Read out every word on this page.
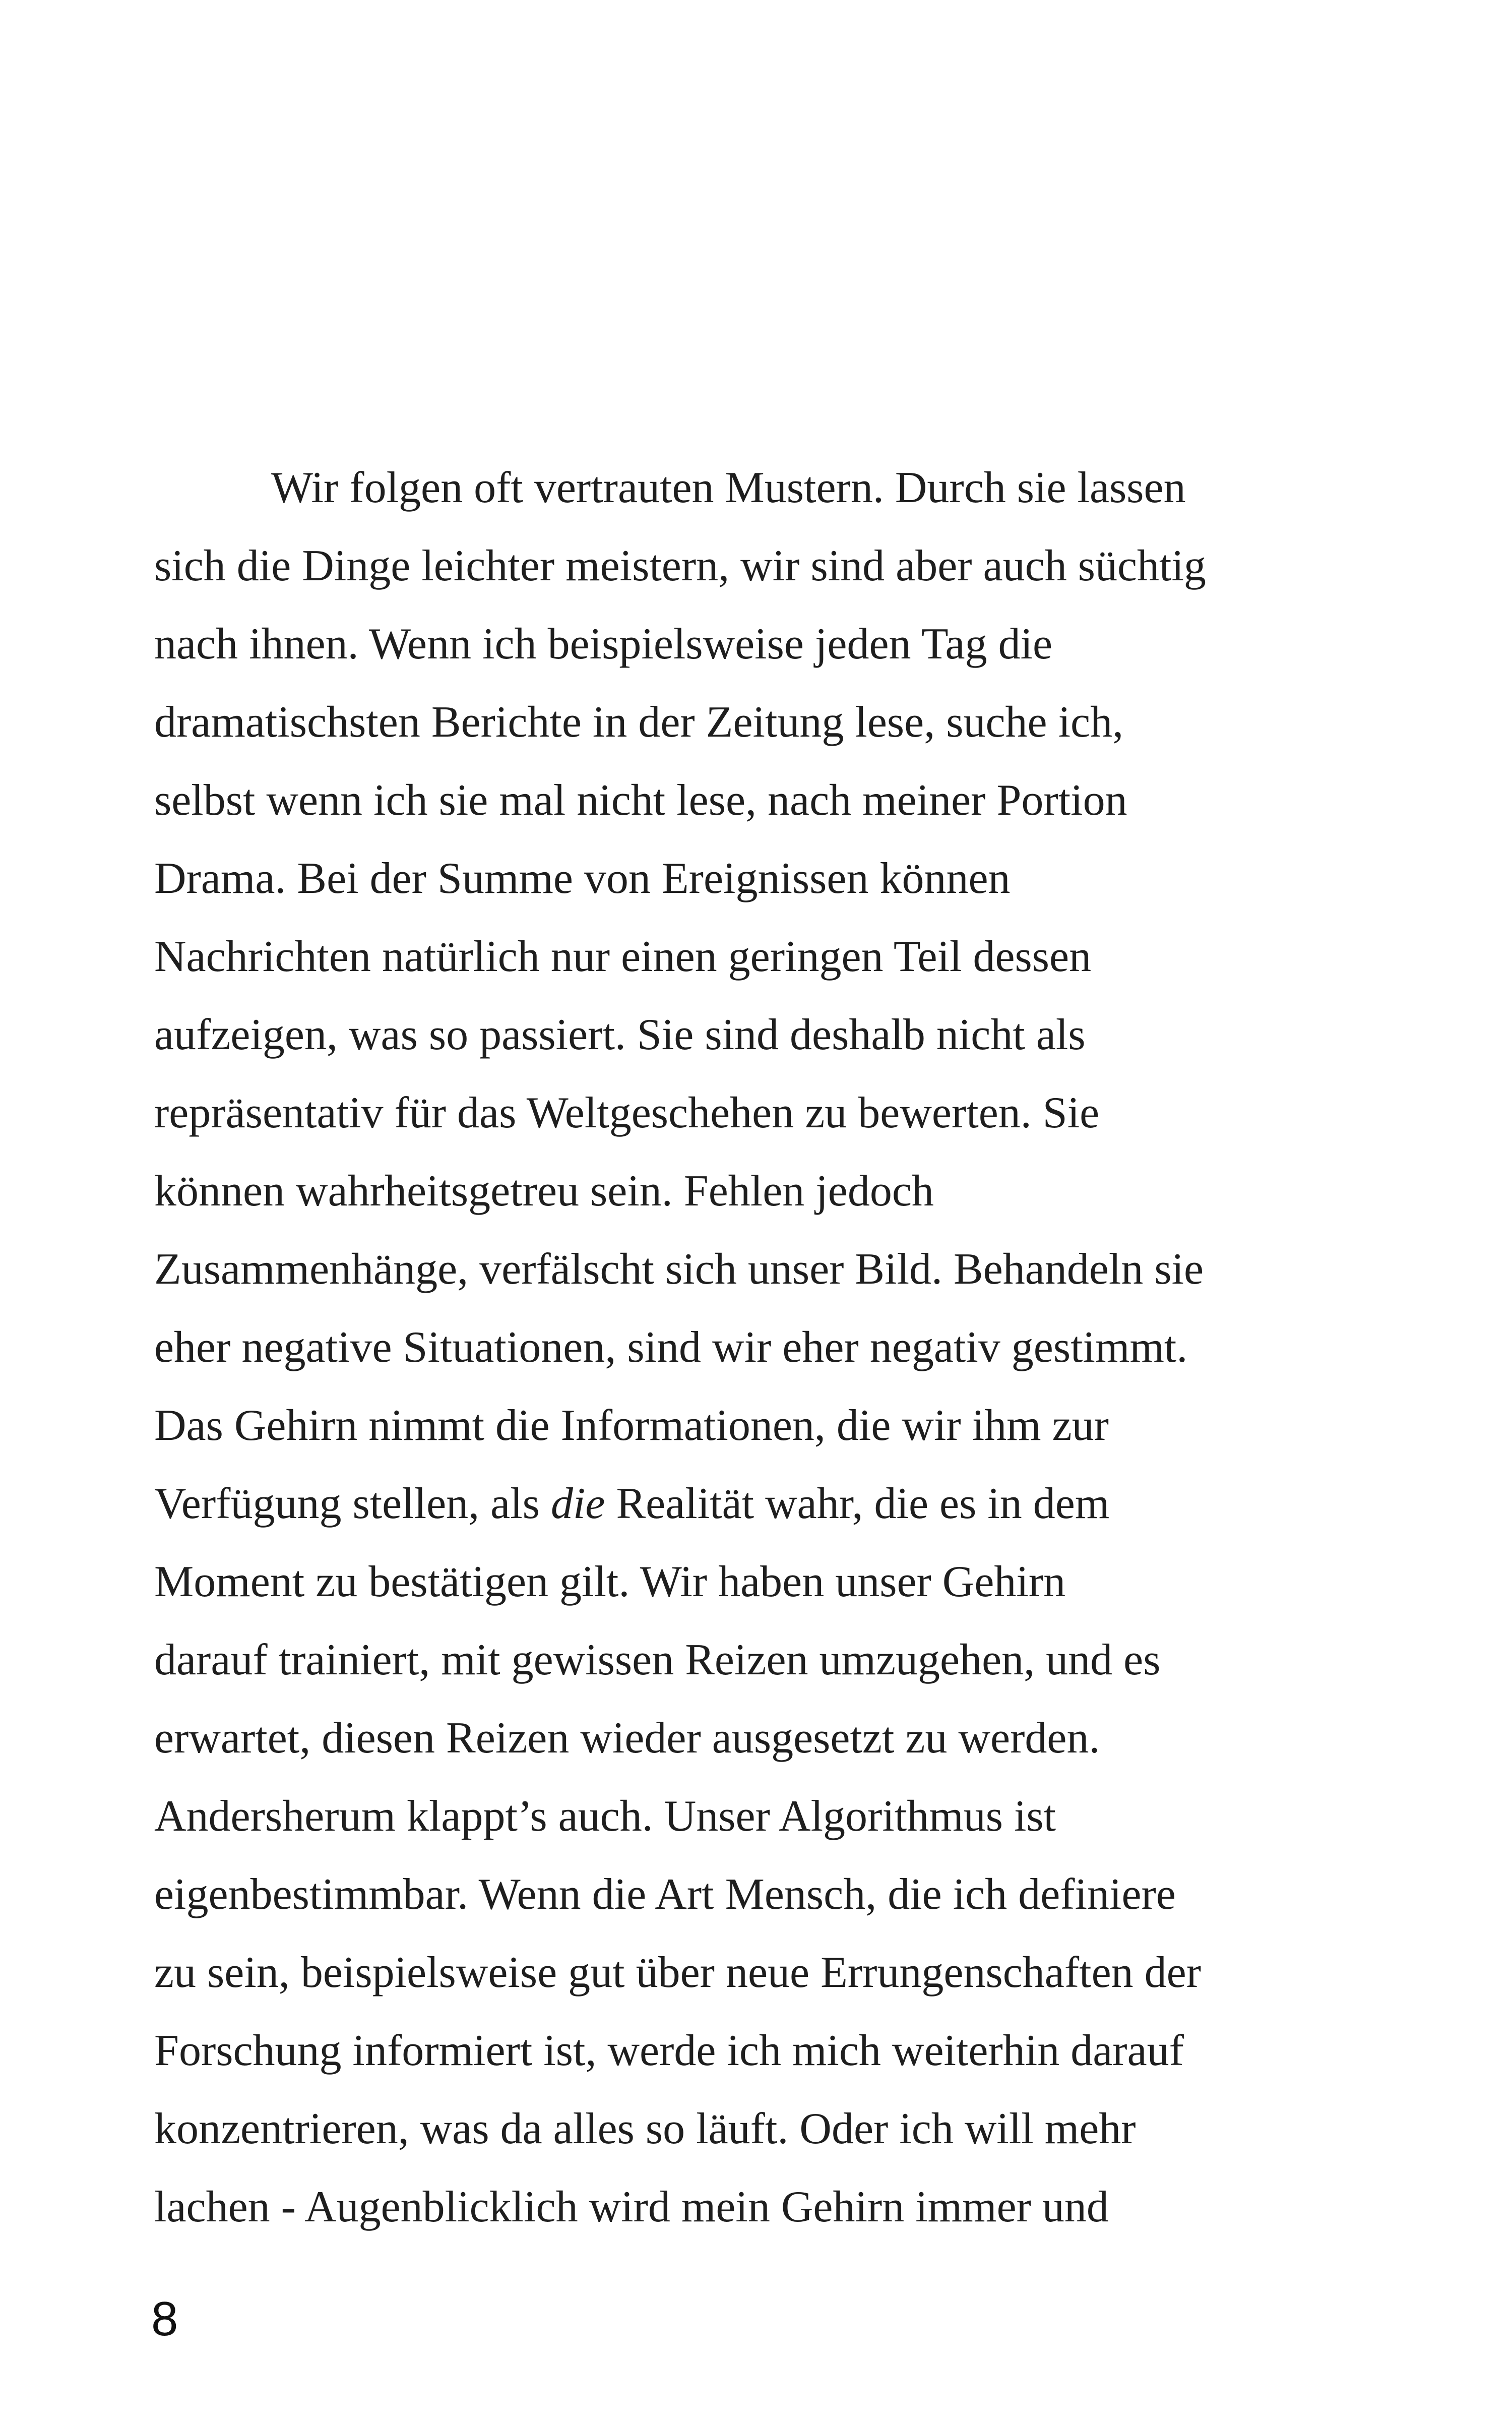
Wir folgen oft vertrauten Mustern. Durch sie lassen
sich die Dinge leichter meistern, wir sind aber auch süchtig
nach ihnen. Wenn ich beispielsweise jeden Tag die
dramatischsten Berichte in der Zeitung lese, suche ich,
selbst wenn ich sie mal nicht lese, nach meiner Portion
Drama. Bei der Summe von Ereignissen können
Nachrichten natürlich nur einen geringen Teil dessen
aufzeigen, was so passiert. Sie sind deshalb nicht als
repräsentativ für das Weltgeschehen zu bewerten. Sie
können wahrheitsgetreu sein. Fehlen jedoch
Zusammenhänge, verfälscht sich unser Bild. Behandeln sie
eher negative Situationen, sind wir eher negativ gestimmt.
Das Gehirn nimmt die Informationen, die wir ihm zur
Verfügung stellen, als die Realität wahr, die es in dem
Moment zu bestätigen gilt. Wir haben unser Gehirn
darauf trainiert, mit gewissen Reizen umzugehen, und es
erwartet, diesen Reizen wieder ausgesetzt zu werden.
Andersherum klappt’s auch. Unser Algorithmus ist
eigenbestimmbar. Wenn die Art Mensch, die ich definiere
zu sein, beispielsweise gut über neue Errungenschaften der
Forschung informiert ist, werde ich mich weiterhin darauf
konzentrieren, was da alles so läuft. Oder ich will mehr
lachen - Augenblicklich wird mein Gehirn immer und
8
